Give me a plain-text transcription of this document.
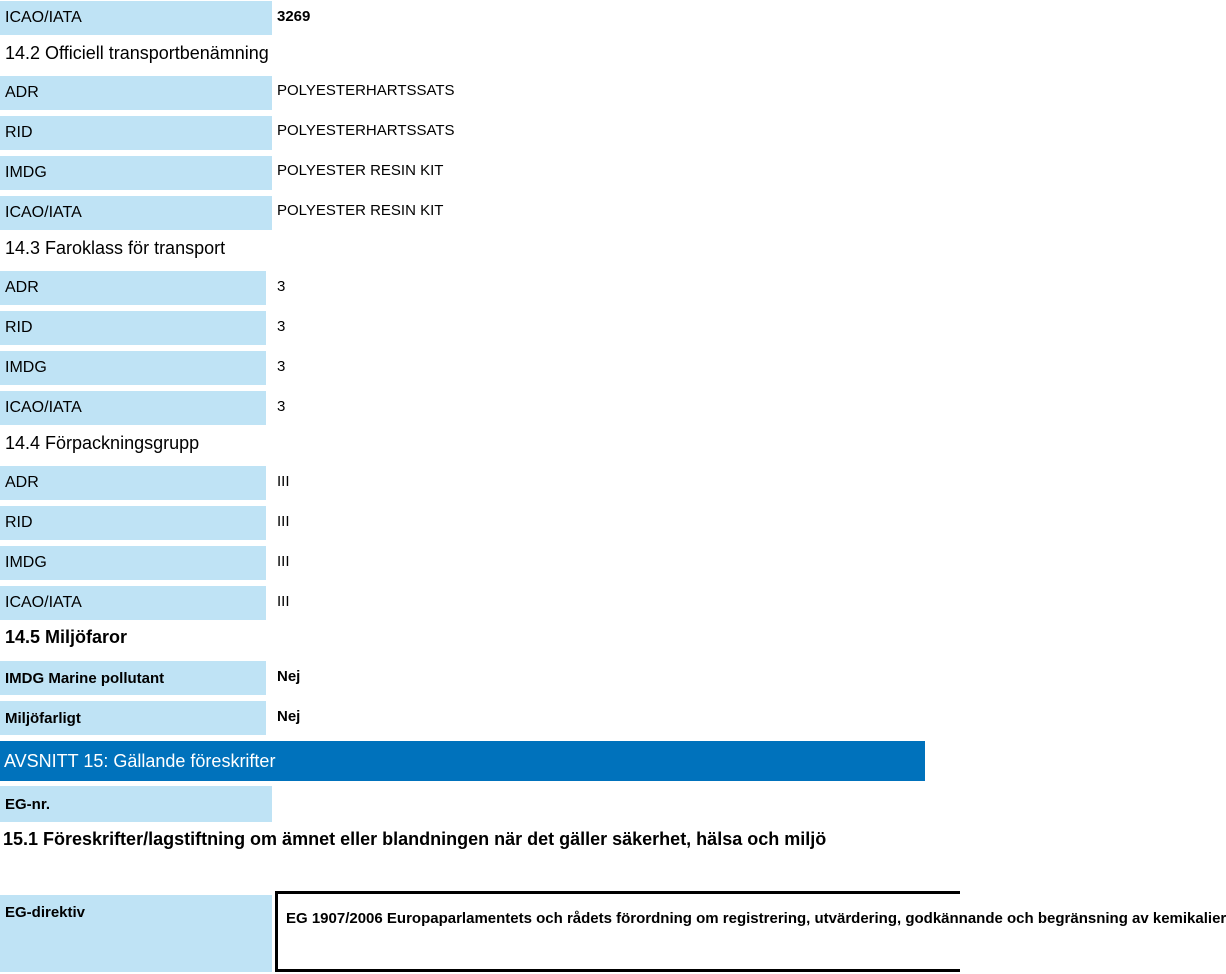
ICAO/IATA	3269
14.2 Officiell transportbenämning
ADR	POLYESTERHARTSSATS
RID	POLYESTERHARTSSATS
IMDG	POLYESTER RESIN KIT
ICAO/IATA	POLYESTER RESIN KIT
14.3 Faroklass för transport
ADR	3
RID	3
IMDG	3
ICAO/IATA	3
14.4 Förpackningsgrupp
ADR	III
RID	III
IMDG	III
ICAO/IATA	III
14.5 Miljöfaror
IMDG Marine pollutant	Nej
Miljöfarligt	Nej
AVSNITT 15: Gällande föreskrifter
EG-nr.
15.1 Föreskrifter/lagstiftning om ämnet eller blandningen när det gäller säkerhet, hälsa och miljö
EG-direktiv	EG 1907/2006 Europaparlamentets och rådets förordning om registrering, utvärdering, godkännande och begränsning av kemikalier
